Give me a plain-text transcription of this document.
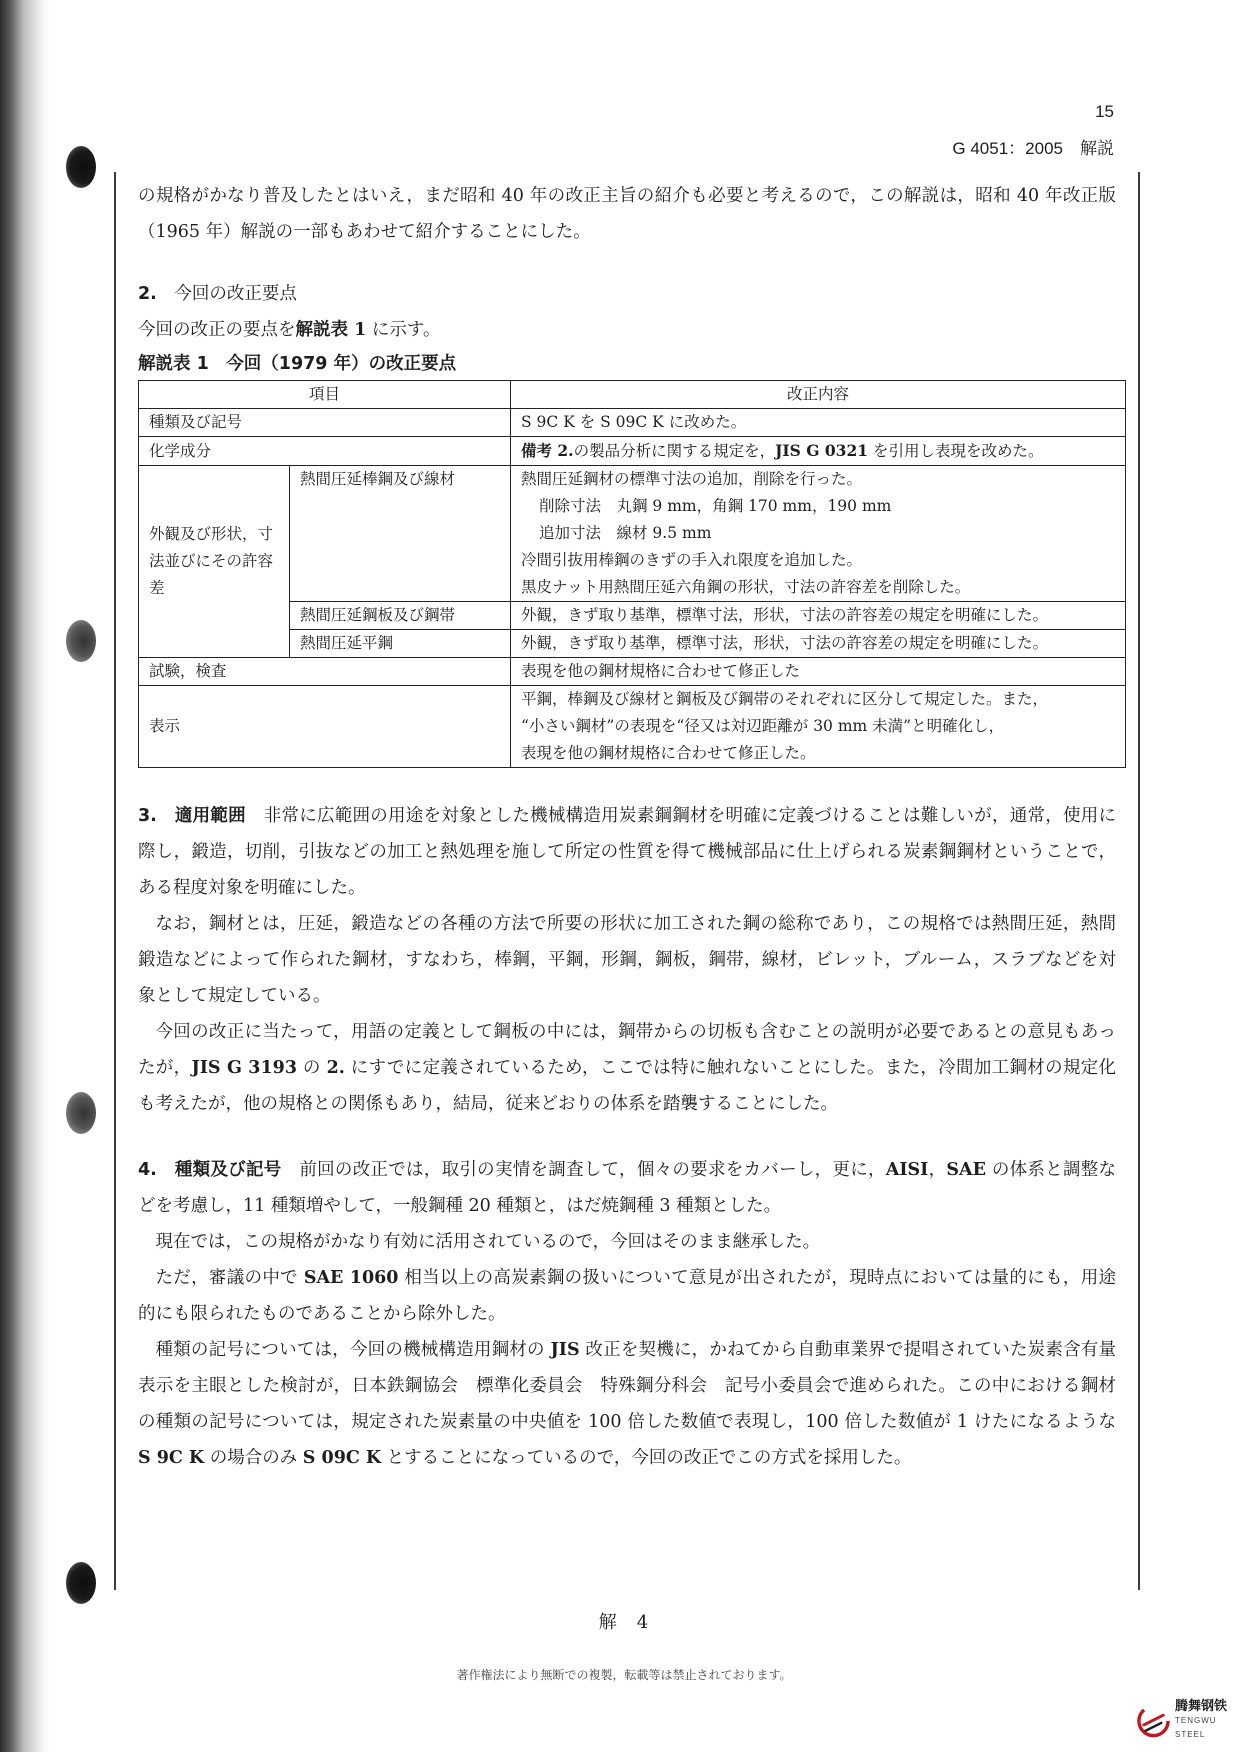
15
G 4051：2005　解説

の規格がかなり普及したとはいえ，まだ昭和 40 年の改正主旨の紹介も必要と考えるので，この解説は，昭和 40 年改正版（1965 年）解説の一部もあわせて紹介することにした。

2.　 今回の改正要点

今回の改正の要点を解説表 1 に示す。

解説表 1　今回（1979 年）の改正要点

項目		改正内容
種類及び記号		S 9C K を S 09C K に改めた。
化学成分		備考 2.の製品分析に関する規定を，JIS G 0321 を引用し表現を改めた。
外観及び形状，寸法並びにその許容差	熱間圧延棒鋼及び線材	熱間圧延鋼材の標準寸法の追加，削除を行った。
削除寸法　丸鋼 9 mm，角鋼 170 mm，190 mm
追加寸法　線材 9.5 mm
冷間引抜用棒鋼のきずの手入れ限度を追加した。
黒皮ナット用熱間圧延六角鋼の形状，寸法の許容差を削除した。

	熱間圧延鋼板及び鋼帯	外観，きず取り基準，標準寸法，形状，寸法の許容差の規定を明確にした。
	熱間圧延平鋼	外観，きず取り基準，標準寸法，形状，寸法の許容差の規定を明確にした。
試験，検査		表現を他の鋼材規格に合わせて修正した
表示		平鋼，棒鋼及び線材と鋼板及び鋼帯のそれぞれに区分して規定した。また，
“小さい鋼材”の表現を“径又は対辺距離が 30 mm 未満”と明確化し，
表現を他の鋼材規格に合わせて修正した。

3.　 適用範囲　 非常に広範囲の用途を対象とした機械構造用炭素鋼鋼材を明確に定義づけることは難しいが，通常，使用に際し，鍛造，切削，引抜などの加工と熱処理を施して所定の性質を得て機械部品に仕上げられる炭素鋼鋼材ということで，ある程度対象を明確にした。

なお，鋼材とは，圧延，鍛造などの各種の方法で所要の形状に加工された鋼の総称であり，この規格では熱間圧延，熱間鍛造などによって作られた鋼材，すなわち，棒鋼，平鋼，形鋼，鋼板，鋼帯，線材，ビレット，ブルーム，スラブなどを対象として規定している。

今回の改正に当たって，用語の定義として鋼板の中には，鋼帯からの切板も含むことの説明が必要であるとの意見もあったが，JIS G 3193 の 2. にすでに定義されているため，ここでは特に触れないことにした。また，冷間加工鋼材の規定化も考えたが，他の規格との関係もあり，結局，従来どおりの体系を踏襲することにした。

4.　 種類及び記号　 前回の改正では，取引の実情を調査して，個々の要求をカバーし，更に，AISI，SAE の体系と調整などを考慮し，11 種類増やして，一般鋼種 20 種類と，はだ焼鋼種 3 種類とした。

現在では，この規格がかなり有効に活用されているので，今回はそのまま継承した。

ただ，審議の中で SAE 1060 相当以上の高炭素鋼の扱いについて意見が出されたが，現時点においては量的にも，用途的にも限られたものであることから除外した。

種類の記号については，今回の機械構造用鋼材の JIS 改正を契機に，かねてから自動車業界で提唱されていた炭素含有量表示を主眼とした検討が，日本鉄鋼協会　標準化委員会　特殊鋼分科会　記号小委員会で進められた。この中における鋼材の種類の記号については，規定された炭素量の中央値を 100 倍した数値で表現し，100 倍した数値が 1 けたになるような S 9C K の場合のみ S 09C K とすることになっているので，今回の改正でこの方式を採用した。

解　4
著作権法により無断での複製，転載等は禁止されております。
腾舞钢铁
TENGWU STEEL
